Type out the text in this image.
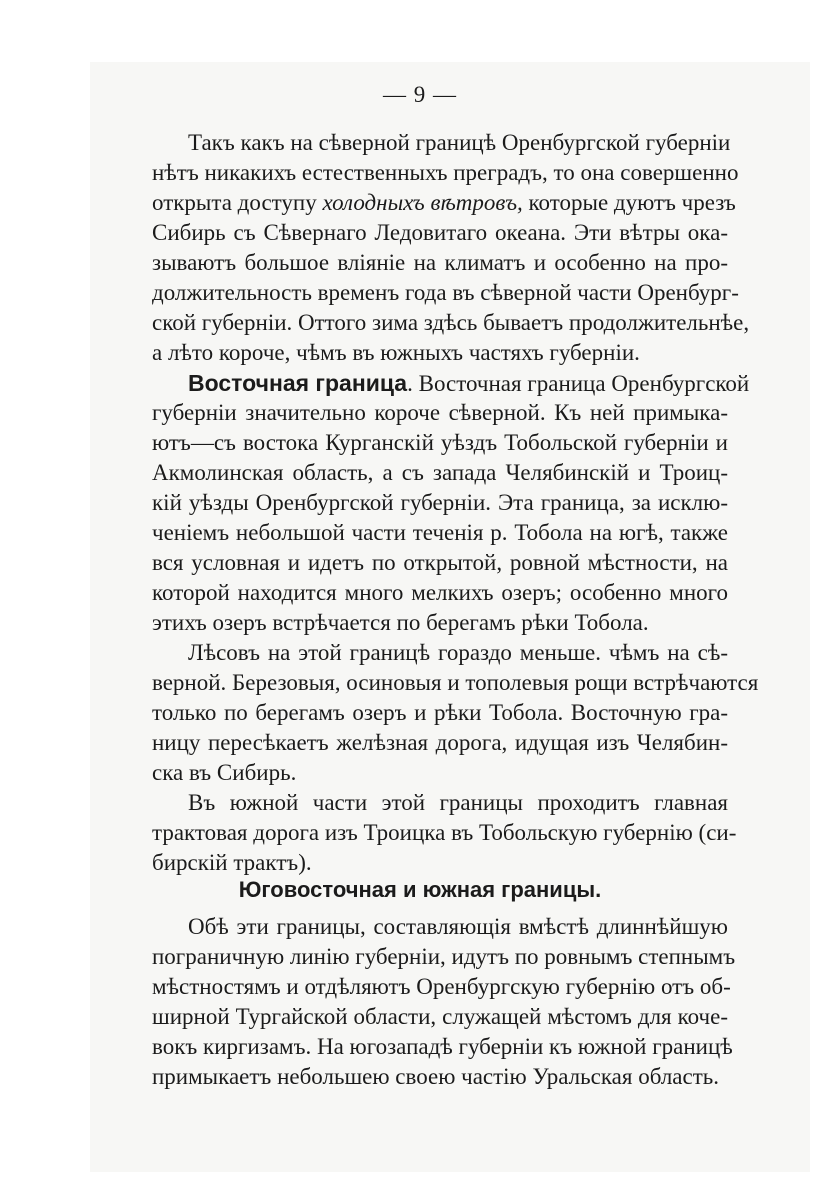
— 9 —
Такъ какъ на сѣверной границѣ Оренбургской губерніи
нѣтъ никакихъ естественныхъ преградъ, то она совершенно
открыта доступу холодныхъ вѣтровъ, которые дуютъ чрезъ
Сибирь съ Сѣвернаго Ледовитаго океана. Эти вѣтры ока-
зываютъ большое вліяніе на климатъ и особенно на про-
должительность временъ года въ сѣверной части Оренбург-
ской губерніи. Оттого зима здѣсь бываетъ продолжительнѣе,
а лѣто короче, чѣмъ въ южныхъ частяхъ губерніи.
Восточная граница. Восточная граница Оренбургской
губерніи значительно короче сѣверной. Къ ней примыка-
ютъ—съ востока Курганскій уѣздъ Тобольской губерніи и
Акмолинская область, а съ запада Челябинскій и Троиц-
кій уѣзды Оренбургской губерніи. Эта граница, за исклю-
ченіемъ небольшой части теченія р. Тобола на югѣ, также
вся условная и идетъ по открытой, ровной мѣстности, на
которой находится много мелкихъ озеръ; особенно много
этихъ озеръ встрѣчается по берегамъ рѣки Тобола.
Лѣсовъ на этой границѣ гораздо меньше. чѣмъ на сѣ-
верной. Березовыя, осиновыя и тополевыя рощи встрѣчаются
только по берегамъ озеръ и рѣки Тобола. Восточную гра-
ницу пересѣкаетъ желѣзная дорога, идущая изъ Челябин-
ска въ Сибирь.
Въ южной части этой границы проходитъ главная
трактовая дорога изъ Троицка въ Тобольскую губернію (си-
бирскій трактъ).
Юговосточная и южная границы.
Обѣ эти границы, составляющія вмѣстѣ длиннѣйшую
пограничную линію губерніи, идутъ по ровнымъ степнымъ
мѣстностямъ и отдѣляютъ Оренбургскую губернію отъ об-
ширной Тургайской области, служащей мѣстомъ для коче-
вокъ киргизамъ. На югозападѣ губерніи къ южной границѣ
примыкаетъ небольшею своею частію Уральская область.
